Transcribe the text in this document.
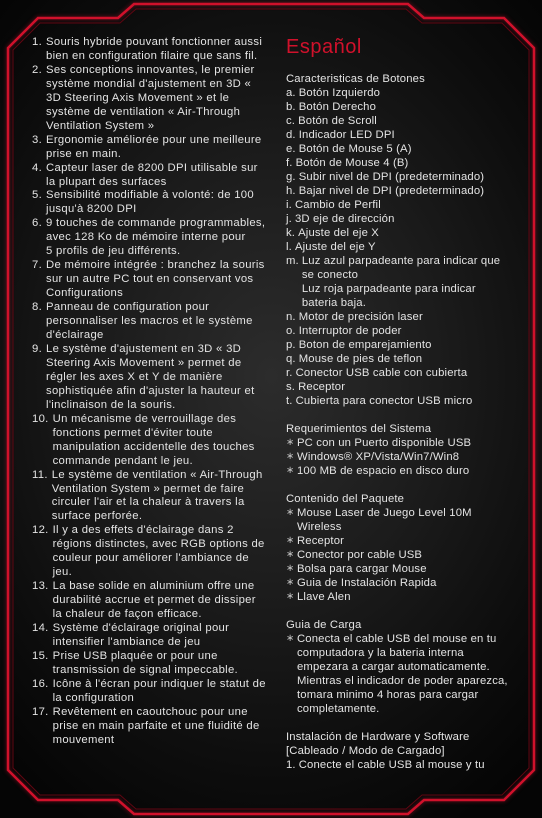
1. Souris hybride pouvant fonctionner aussi
bien en configuration filaire que sans fil.
2. Ses conceptions innovantes, le premier
système mondial d'ajustement en 3D «
3D Steering Axis Movement » et le
système de ventilation « Air-Through
Ventilation System »
3. Ergonomie améliorée pour une meilleure
prise en main.
4. Capteur laser de 8200 DPI utilisable sur
la plupart des surfaces
5. Sensibilité modifiable à volonté: de 100
jusqu'à 8200 DPI
6. 9 touches de commande programmables,
avec 128 Ko de mémoire interne pour
5 profils de jeu différents.
7. De mémoire intégrée : branchez la souris
sur un autre PC tout en conservant vos
Configurations
8. Panneau de configuration pour
personnaliser les macros et le système
d'éclairage
9. Le système d'ajustement en 3D « 3D
Steering Axis Movement » permet de
régler les axes X et Y de manière
sophistiquée afin d'ajuster la hauteur et
l'inclinaison de la souris.
10. Un mécanisme de verrouillage des
fonctions permet d'éviter toute
manipulation accidentelle des touches
commande pendant le jeu.
11. Le système de ventilation « Air-Through
Ventilation System » permet de faire
circuler l'air et la chaleur à travers la
surface perforée.
12. Il y a des effets d'éclairage dans 2
régions distinctes, avec RGB options de
couleur pour améliorer l'ambiance de
jeu.
13. La base solide en aluminium offre une
durabilité accrue et permet de dissiper
la chaleur de façon efficace.
14. Système d'éclairage original pour
intensifier l'ambiance de jeu
15. Prise USB plaquée or pour une
transmission de signal impeccable.
16. Icône à l'écran pour indiquer le statut de
la configuration
17. Revêtement en caoutchouc pour une
prise en main parfaite et une fluidité de
mouvement
Español
Caracteristicas de Botones
a. Botón Izquierdo
b. Botón Derecho
c. Botón de Scroll
d. Indicador LED DPI
e. Botón de Mouse 5 (A)
f. Botón de Mouse 4 (B)
g. Subir nivel de DPI (predeterminado)
h. Bajar nivel de DPI (predeterminado)
i. Cambio de Perfil
j. 3D eje de dirección
k. Ajuste del eje X
l. Ajuste del eje Y
m. Luz azul parpadeante para indicar que
se conecto
Luz roja parpadeante para indicar
bateria baja.
n. Motor de precisión laser
o. Interruptor de poder
p. Boton de emparejamiento
q. Mouse de pies de teflon
r. Conector USB cable con cubierta
s. Receptor
t. Cubierta para conector USB micro
Requerimientos del Sistema
∗
PC con un Puerto disponible USB
∗
Windows® XP/Vista/Win7/Win8
∗
100 MB de espacio en disco duro
Contenido del Paquete
∗
Mouse Laser de Juego Level 10M
Wireless
∗
Receptor
∗
Conector por cable USB
∗
Bolsa para cargar Mouse
∗
Guia de Instalación Rapida
∗
Llave Alen
Guia de Carga
∗
Conecta el cable USB del mouse en tu
computadora y la bateria interna
empezara a cargar automaticamente.
Mientras el indicador de poder aparezca,
tomara minimo 4 horas para cargar
completamente.
Instalación de Hardware y Software
[Cableado / Modo de Cargado]
1. Conecte el cable USB al mouse y tu
